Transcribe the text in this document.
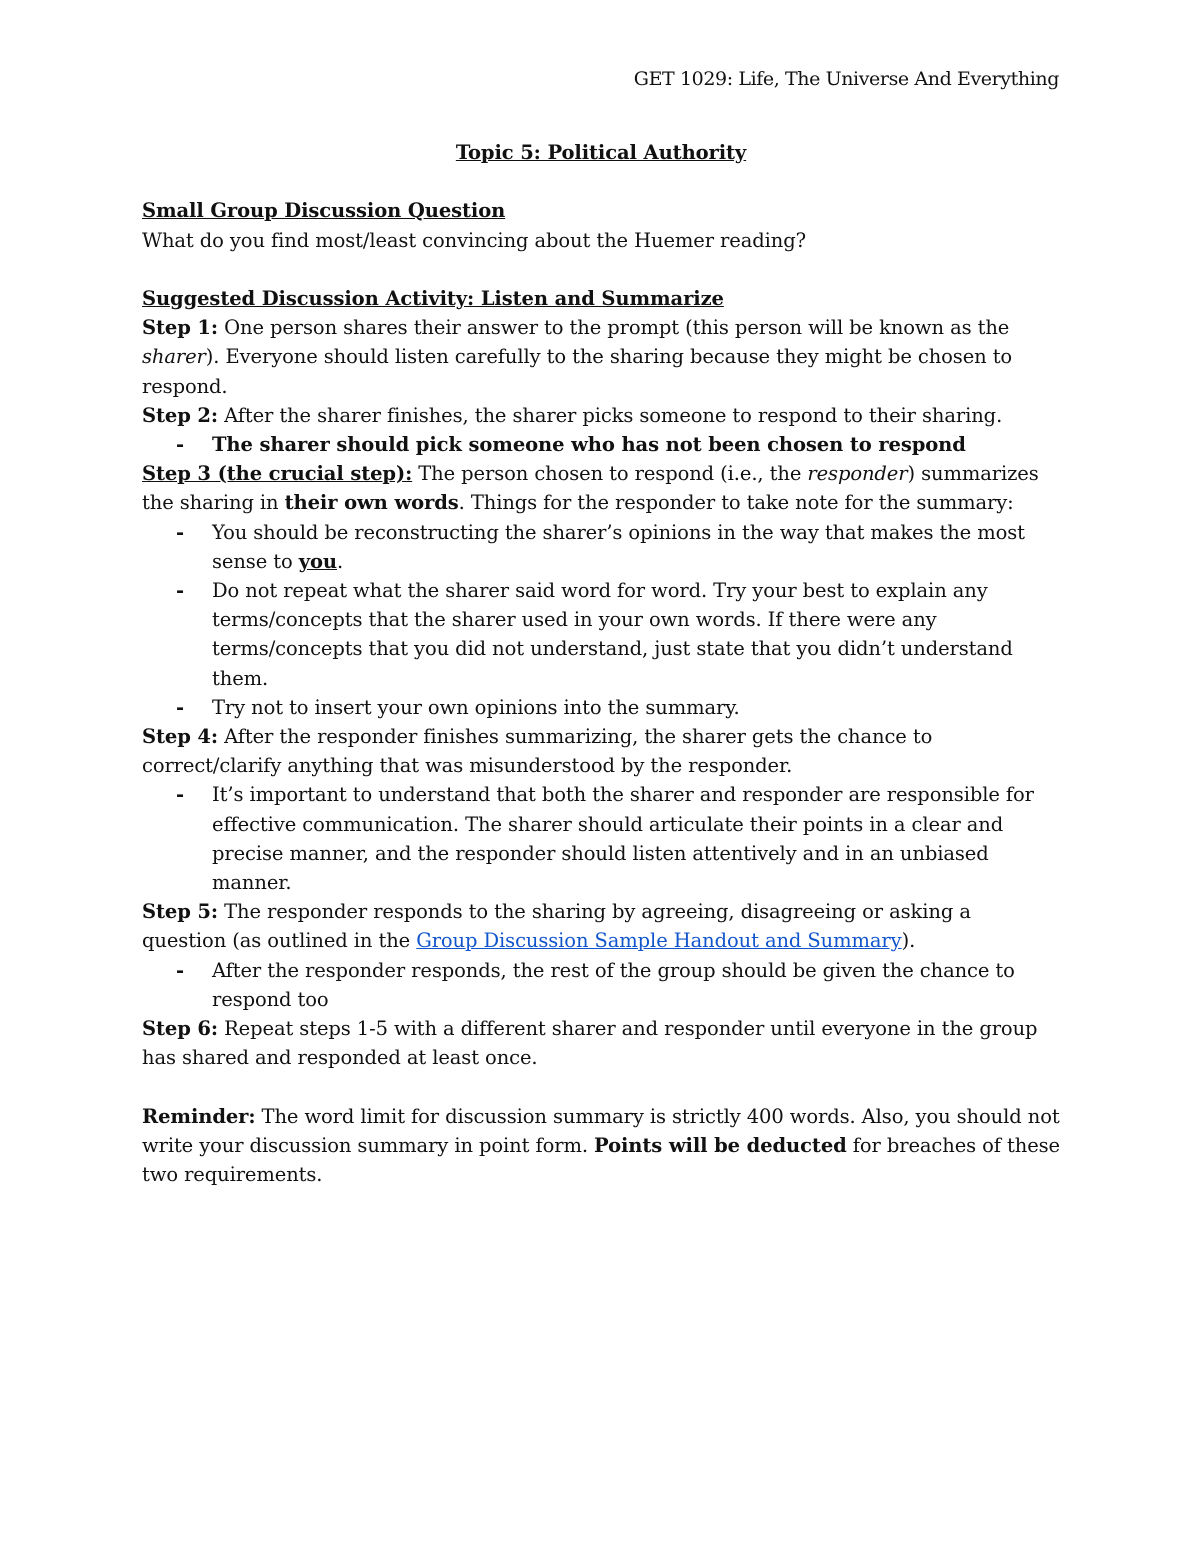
GET 1029: Life, The Universe And Everything

Topic 5: Political Authority

Small Group Discussion Question

What do you find most/least convincing about the Huemer reading?

Suggested Discussion Activity: Listen and Summarize

Step 1: One person shares their answer to the prompt (this person will be known as the sharer). Everyone should listen carefully to the sharing because they might be chosen to respond.

Step 2: After the sharer finishes, the sharer picks someone to respond to their sharing.

- The sharer should pick someone who has not been chosen to respond

Step 3 (the crucial step): The person chosen to respond (i.e., the responder) summarizes the sharing in their own words. Things for the responder to take note for the summary:

- You should be reconstructing the sharer’s opinions in the way that makes the most sense to you.
- Do not repeat what the sharer said word for word. Try your best to explain any terms/concepts that the sharer used in your own words. If there were any terms/concepts that you did not understand, just state that you didn’t understand them.
- Try not to insert your own opinions into the summary.

Step 4: After the responder finishes summarizing, the sharer gets the chance to correct/clarify anything that was misunderstood by the responder.

- It’s important to understand that both the sharer and responder are responsible for effective communication. The sharer should articulate their points in a clear and precise manner, and the responder should listen attentively and in an unbiased manner.

Step 5: The responder responds to the sharing by agreeing, disagreeing or asking a question (as outlined in the Group Discussion Sample Handout and Summary).

- After the responder responds, the rest of the group should be given the chance to respond too

Step 6: Repeat steps 1-5 with a different sharer and responder until everyone in the group has shared and responded at least once.

Reminder: The word limit for discussion summary is strictly 400 words. Also, you should not write your discussion summary in point form. Points will be deducted for breaches of these two requirements.
